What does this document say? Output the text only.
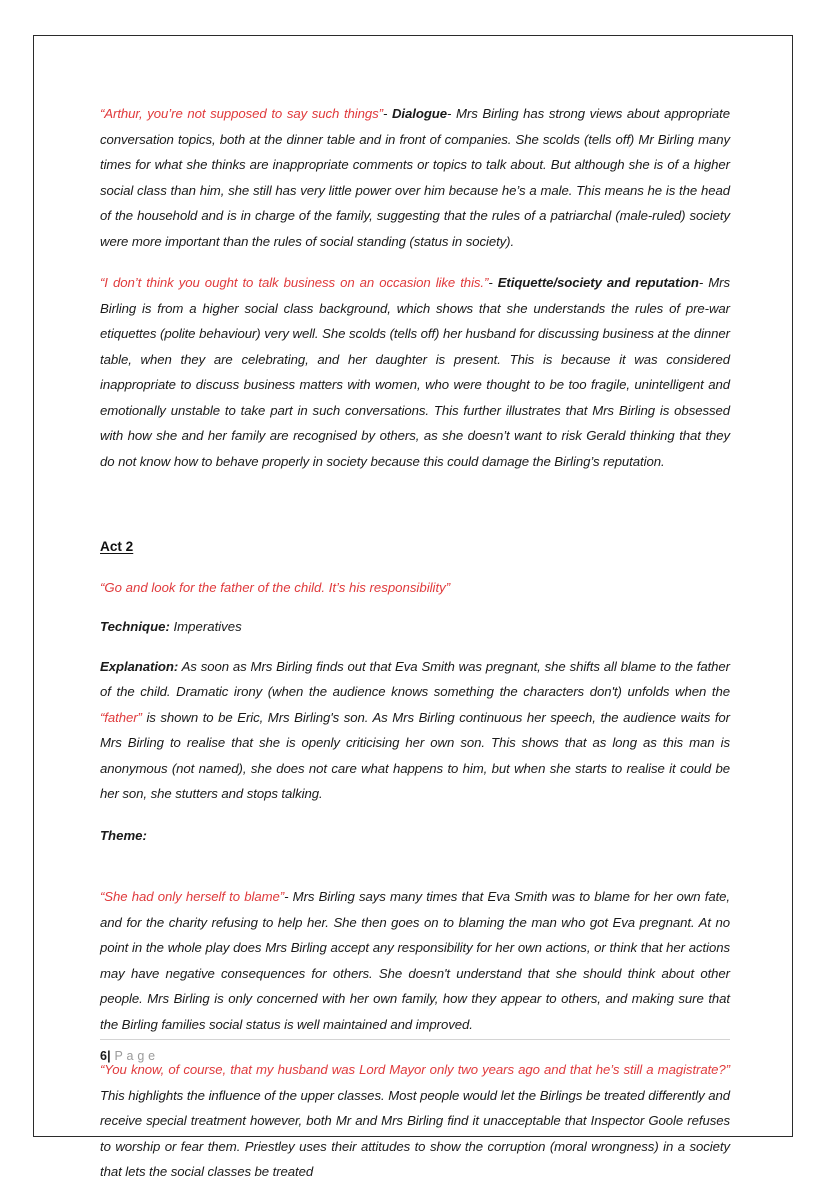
“Arthur, you’re not supposed to say such things”- Dialogue- Mrs Birling has strong views about appropriate conversation topics, both at the dinner table and in front of companies. She scolds (tells off) Mr Birling many times for what she thinks are inappropriate comments or topics to talk about. But although she is of a higher social class than him, she still has very little power over him because he’s a male. This means he is the head of the household and is in charge of the family, suggesting that the rules of a patriarchal (male-ruled) society were more important than the rules of social standing (status in society).

“I don’t think you ought to talk business on an occasion like this.”- Etiquette/society and reputation- Mrs Birling is from a higher social class background, which shows that she understands the rules of pre-war etiquettes (polite behaviour) very well. She scolds (tells off) her husband for discussing business at the dinner table, when they are celebrating, and her daughter is present. This is because it was considered inappropriate to discuss business matters with women, who were thought to be too fragile, unintelligent and emotionally unstable to take part in such conversations. This further illustrates that Mrs Birling is obsessed with how she and her family are recognised by others, as she doesn’t want to risk Gerald thinking that they do not know how to behave properly in society because this could damage the Birling’s reputation.

Act 2

“Go and look for the father of the child. It’s his responsibility”

Technique: Imperatives

Explanation: As soon as Mrs Birling finds out that Eva Smith was pregnant, she shifts all blame to the father of the child. Dramatic irony (when the audience knows something the characters don't) unfolds when the “father” is shown to be Eric, Mrs Birling's son. As Mrs Birling continuous her speech, the audience waits for Mrs Birling to realise that she is openly criticising her own son. This shows that as long as this man is anonymous (not named), she does not care what happens to him, but when she starts to realise it could be her son, she stutters and stops talking.

Theme:

“She had only herself to blame”- Mrs Birling says many times that Eva Smith was to blame for her own fate, and for the charity refusing to help her. She then goes on to blaming the man who got Eva pregnant. At no point in the whole play does Mrs Birling accept any responsibility for her own actions, or think that her actions may have negative consequences for others. She doesn't understand that she should think about other people. Mrs Birling is only concerned with her own family, how they appear to others, and making sure that the Birling families social status is well maintained and improved.

“You know, of course, that my husband was Lord Mayor only two years ago and that he’s still a magistrate?” This highlights the influence of the upper classes. Most people would let the Birlings be treated differently and receive special treatment however, both Mr and Mrs Birling find it unacceptable that Inspector Goole refuses to worship or fear them. Priestley uses their attitudes to show the corruption (moral wrongness) in a society that lets the social classes be treated

6| P a g e
